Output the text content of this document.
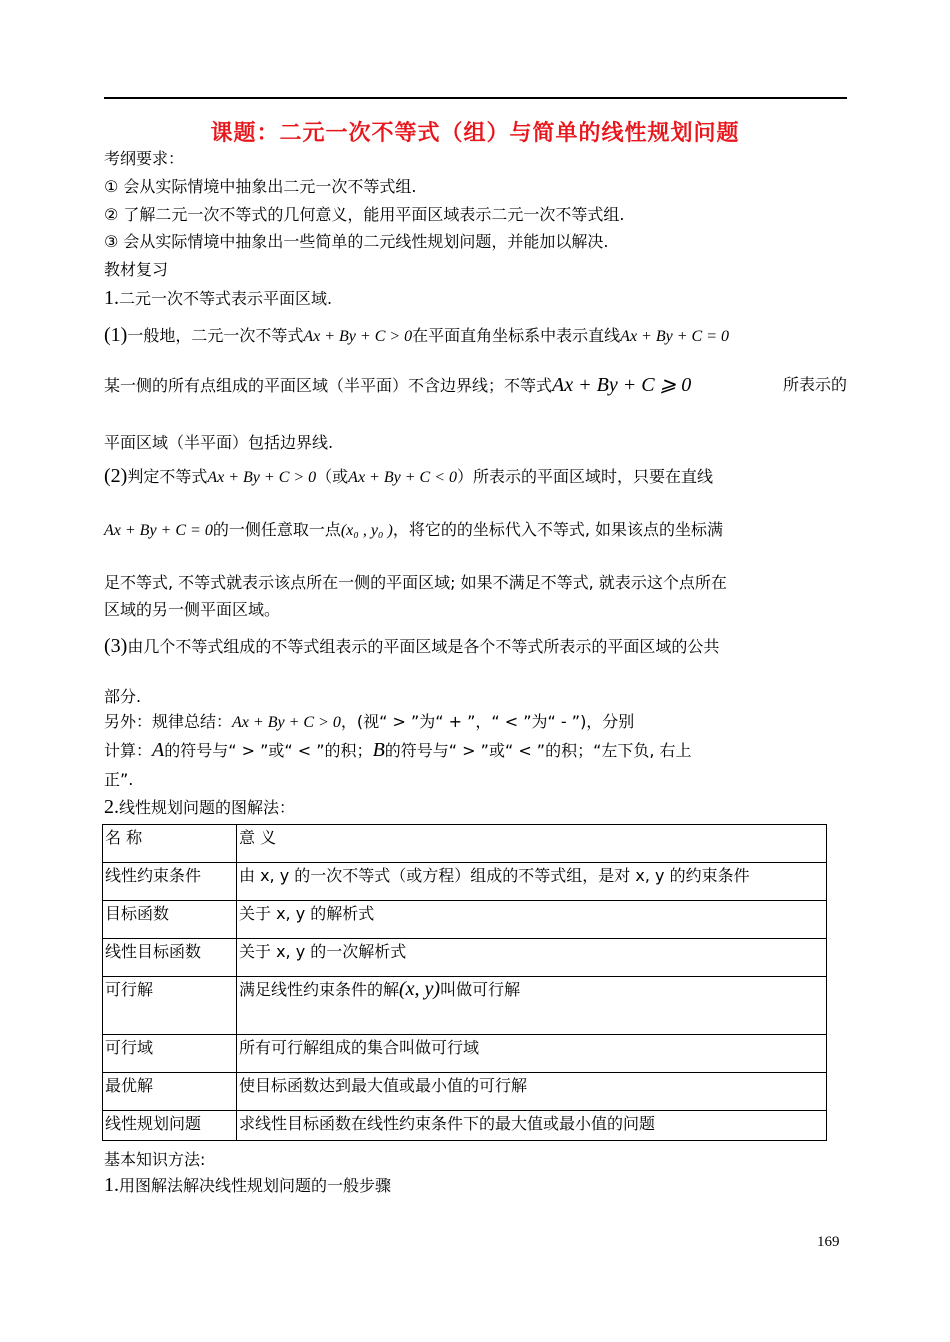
课题：二元一次不等式（组）与简单的线性规划问题
考纲要求：
① 会从实际情境中抽象出二元一次不等式组.
② 了解二元一次不等式的几何意义，能用平面区域表示二元一次不等式组.
③ 会从实际情境中抽象出一些简单的二元线性规划问题，并能加以解决.
教材复习
1.二元一次不等式表示平面区域.
(1)一般地，二元一次不等式Ax + By + C > 0在平面直角坐标系中表示直线Ax + By + C = 0
某一侧的所有点组成的平面区域（半平面）不含边界线；不等式Ax + By + C ⩾ 0	所表示的
平面区域（半平面）包括边界线.
(2)判定不等式Ax + By + C > 0（或Ax + By + C < 0）所表示的平面区域时，只要在直线
Ax + By + C = 0的一侧任意取一点(x₀ , y₀ )，将它的的坐标代入不等式, 如果该点的坐标满
足不等式, 不等式就表示该点所在一侧的平面区域; 如果不满足不等式, 就表示这个点所在
区域的另一侧平面区域。
(3)由几个不等式组成的不等式组表示的平面区域是各个不等式所表示的平面区域的公共
部分.
另外：规律总结：Ax + By + C > 0，(视“ > ”为“ + ”，“ < ”为“ - ”)，分别
计算：A的符号与“ > ”或“ < ”的积；B的符号与“ > ”或“ < ”的积；“左下负, 右上
正”.
2.线性规划问题的图解法：
名 称	意 义
线性约束条件	由 x, y 的一次不等式（或方程）组成的不等式组，是对 x, y 的约束条件
目标函数	关于 x, y 的解析式
线性目标函数	关于 x, y 的一次解析式
可行解	满足线性约束条件的解(x, y)叫做可行解
可行域	所有可行解组成的集合叫做可行域
最优解	使目标函数达到最大值或最小值的可行解
线性规划问题	求线性目标函数在线性约束条件下的最大值或最小值的问题
基本知识方法:
1.用图解法解决线性规划问题的一般步骤
169
